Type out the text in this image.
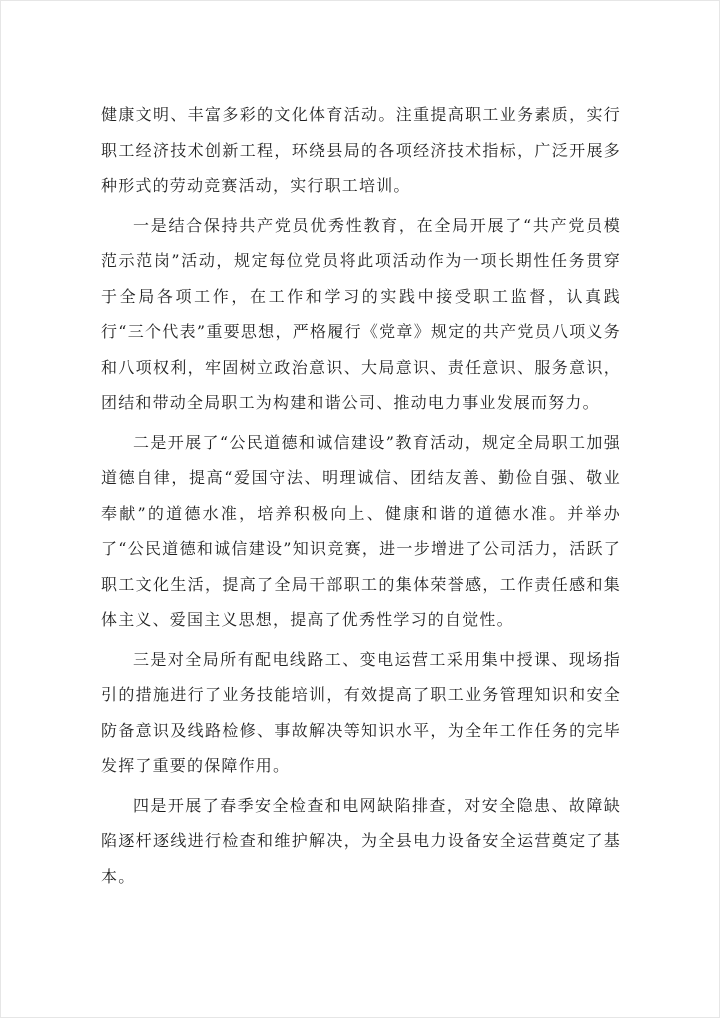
健康文明、丰富多彩的文化体育活动。注重提高职工业务素质，实行职工经济技术创新工程，环绕县局的各项经济技术指标，广泛开展多种形式的劳动竞赛活动，实行职工培训。

一是结合保持共产党员优秀性教育，在全局开展了“共产党员模范示范岗”活动，规定每位党员将此项活动作为一项长期性任务贯穿于全局各项工作，在工作和学习的实践中接受职工监督，认真践行“三个代表”重要思想，严格履行《党章》规定的共产党员八项义务和八项权利，牢固树立政治意识、大局意识、责任意识、服务意识，团结和带动全局职工为构建和谐公司、推动电力事业发展而努力。

二是开展了“公民道德和诚信建设”教育活动，规定全局职工加强道德自律，提高“爱国守法、明理诚信、团结友善、勤俭自强、敬业奉献”的道德水准，培养积极向上、健康和谐的道德水准。并举办了“公民道德和诚信建设”知识竞赛，进一步增进了公司活力，活跃了职工文化生活，提高了全局干部职工的集体荣誉感，工作责任感和集体主义、爱国主义思想，提高了优秀性学习的自觉性。

三是对全局所有配电线路工、变电运营工采用集中授课、现场指引的措施进行了业务技能培训，有效提高了职工业务管理知识和安全防备意识及线路检修、事故解决等知识水平，为全年工作任务的完毕发挥了重要的保障作用。

四是开展了春季安全检查和电网缺陷排查，对安全隐患、故障缺陷逐杆逐线进行检查和维护解决，为全县电力设备安全运营奠定了基本。
